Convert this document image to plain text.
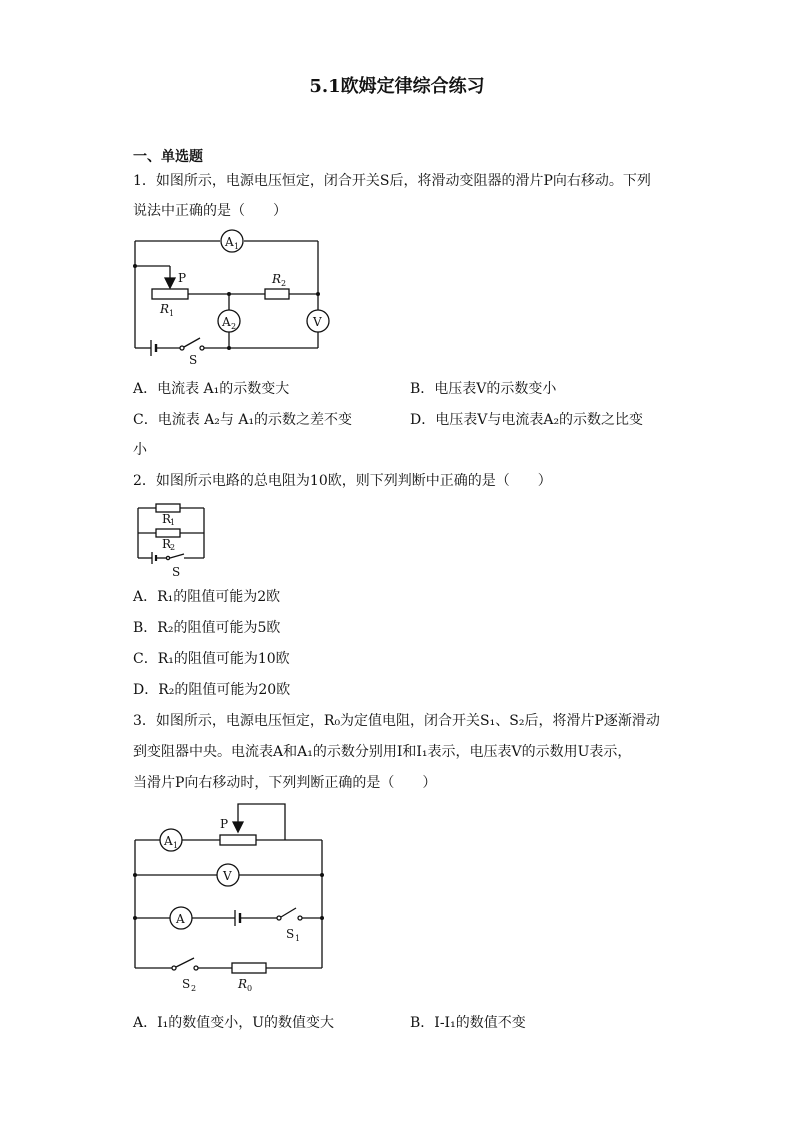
5.1欧姆定律综合练习
一、单选题
1．如图所示，电源电压恒定，闭合开关S后，将滑动变阻器的滑片P向右移动。下列
说法中正确的是（　　）
A 1
P
R 1
R 2
V
A 2
S
A．电流表 A₁的示数变大	B．电压表V的示数变小
C．电流表 A₂与 A₁的示数之差不变	D．电压表V与电流表A₂的示数之比变
小
2．如图所示电路的总电阻为10欧，则下列判断中正确的是（　　）
R
1
R
2
S
A．R₁的阻值可能为2欧
B．R₂的阻值可能为5欧
C．R₁的阻值可能为10欧
D．R₂的阻值可能为20欧
3．如图所示，电源电压恒定，R₀为定值电阻，闭合开关S₁、S₂后，将滑片P逐渐滑动
到变阻器中央。电流表A和A₁的示数分别用I和I₁表示，电压表V的示数用U表示，
当滑片P向右移动时，下列判断正确的是（　　）
A 1
P
V
A
S 1
S 2	R 0
A．I₁的数值变小，U的数值变大	B．I-I₁的数值不变
